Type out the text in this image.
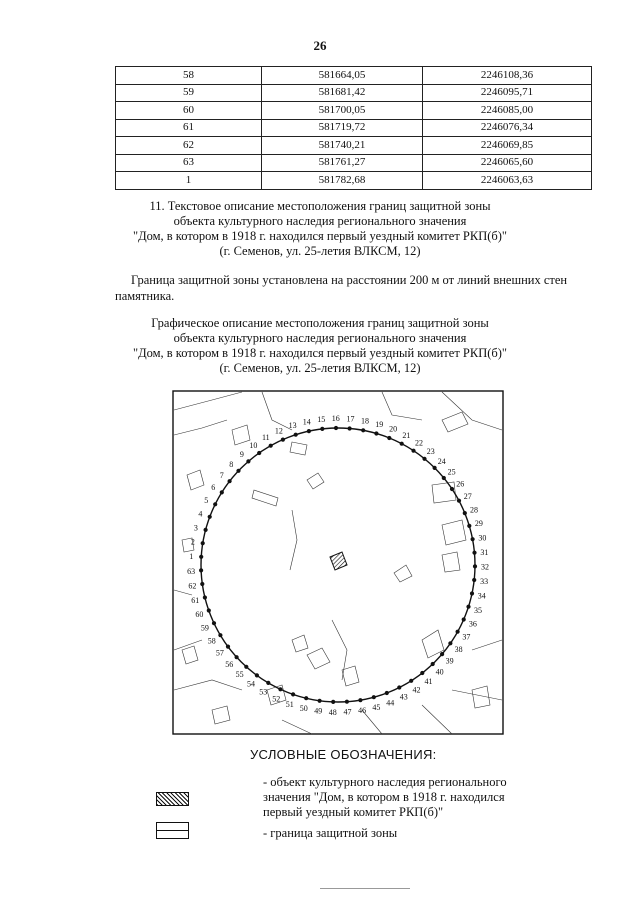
26
58	581664,05	2246108,36
59	581681,42	2246095,71
60	581700,05	2246085,00
61	581719,72	2246076,34
62	581740,21	2246069,85
63	581761,27	2246065,60
1	581782,68	2246063,63
11. Текстовое описание местоположения границ защитной зоны
объекта культурного наследия регионального значения
"Дом, в котором в 1918 г. находился первый уездный комитет РКП(б)"
(г. Семенов, ул. 25-летия ВЛКСМ, 12)
Граница защитной зоны установлена на расстоянии 200 м от линий внешних стен памятника.
Графическое описание местоположения границ защитной зоны
объекта культурного наследия регионального значения
"Дом, в котором в 1918 г. находился первый уездный комитет РКП(б)"
(г. Семенов, ул. 25-летия ВЛКСМ, 12)
1
2
3
4
5
6
7
8
9
10
11
12
13 14 15 16 17 18 19
20
21
22
23
24
25
26
27
28
29
30
31
32
33
34
35
36
37
38
39
40
41
42
43
44
45
46
47
48
49
50
51
52
53
54
55
56
57
58
59
60
61
62
63
УСЛОВНЫЕ ОБОЗНАЧЕНИЯ:
- объект культурного наследия регионального
значения "Дом, в котором в 1918 г. находился
первый уездный комитет РКП(б)"
- граница защитной зоны
